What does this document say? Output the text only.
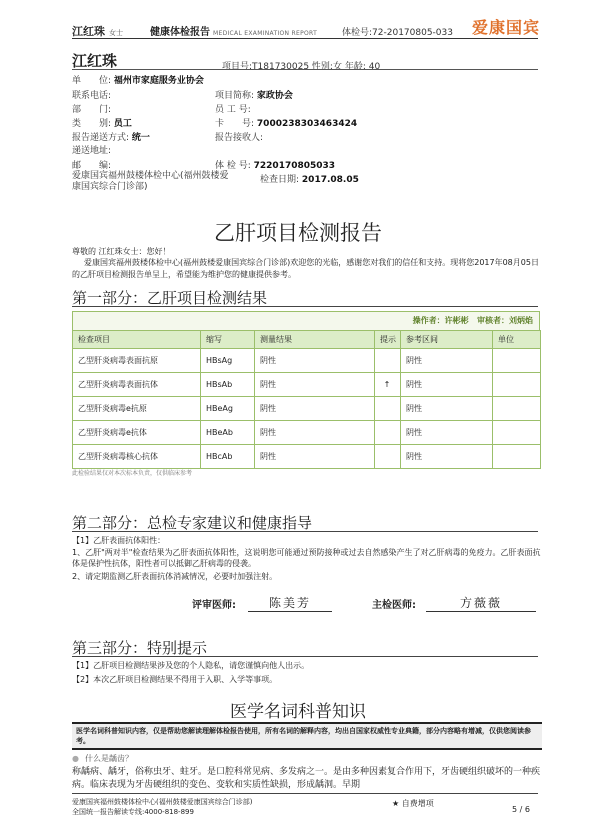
江红珠 女士	健康体检报告 MEDICAL EXAMINATION REPORT	体检号:72-20170805-033 爱康国宾
江红珠	项目号:T181730025 性别:女 年龄: 40
单　　位: 福州市家庭服务业协会
联系电话:
部　　门:
类　　别: 员工
报告递送方式: 统一
递送地址:
邮　　编:
项目简称: 家政协会
员 工 号:
卡　　号: 7000238303463424
报告接收人:
体 检 号: 7220170805033
爱康国宾福州鼓楼体检中心(福州鼓楼爱康国宾综合门诊部)
检查日期: 2017.08.05
乙肝项目检测报告
尊敬的 江红珠女士：您好！
爱康国宾福州鼓楼体检中心(福州鼓楼爱康国宾综合门诊部)欢迎您的光临，感谢您对我们的信任和支持。现将您2017年08月05日的乙肝项目检测报告单呈上，希望能为维护您的健康提供参考。
第一部分：乙肝项目检测结果
操作者：许彬彬 审核者：刘炳焰
检查项目	缩写	测量结果	提示	参考区间	单位
乙型肝炎病毒表面抗原	HBsAg	阴性		阴性	
乙型肝炎病毒表面抗体	HBsAb	阴性	↑	阴性	
乙型肝炎病毒e抗原	HBeAg	阴性		阴性	
乙型肝炎病毒e抗体	HBeAb	阴性		阴性	
乙型肝炎病毒核心抗体	HBcAb	阴性		阴性	
此检验结果仅对本次标本负责，仅供临床参考
第二部分：总检专家建议和健康指导
【1】乙肝表面抗体阳性：
1、乙肝"两对半"检查结果为乙肝表面抗体阳性，这说明您可能通过预防接种或过去自然感染产生了对乙肝病毒的免疫力。乙肝表面抗体是保护性抗体，阳性者可以抵御乙肝病毒的侵袭。
2、请定期监测乙肝表面抗体消减情况，必要时加强注射。
评审医师:	陈美芳	主检医师:	方薇薇
第三部分：特别提示
【1】乙肝项目检测结果涉及您的个人隐私，请您谨慎向他人出示。
【2】本次乙肝项目检测结果不得用于入职、入学等事项。
医学名词科普知识
医学名词科普知识内容，仅是帮助您解读理解体检报告使用，所有名词的解释内容，均出自国家权威性专业典籍，部分内容略有增减，仅供您阅读参考。
● 什么是龋齿？
称龋病、龋牙，俗称虫牙、蛀牙。是口腔科常见病、多发病之一。是由多种因素复合作用下，牙齿硬组织破坏的一种疾病。临床表现为牙齿硬组织的变色、变软和实质性缺损，形成龋洞。早期
爱康国宾福州鼓楼体检中心(福州鼓楼爱康国宾综合门诊部)
全国统一报告解读专线:4000-818-899
★ 自费增项
5 / 6
